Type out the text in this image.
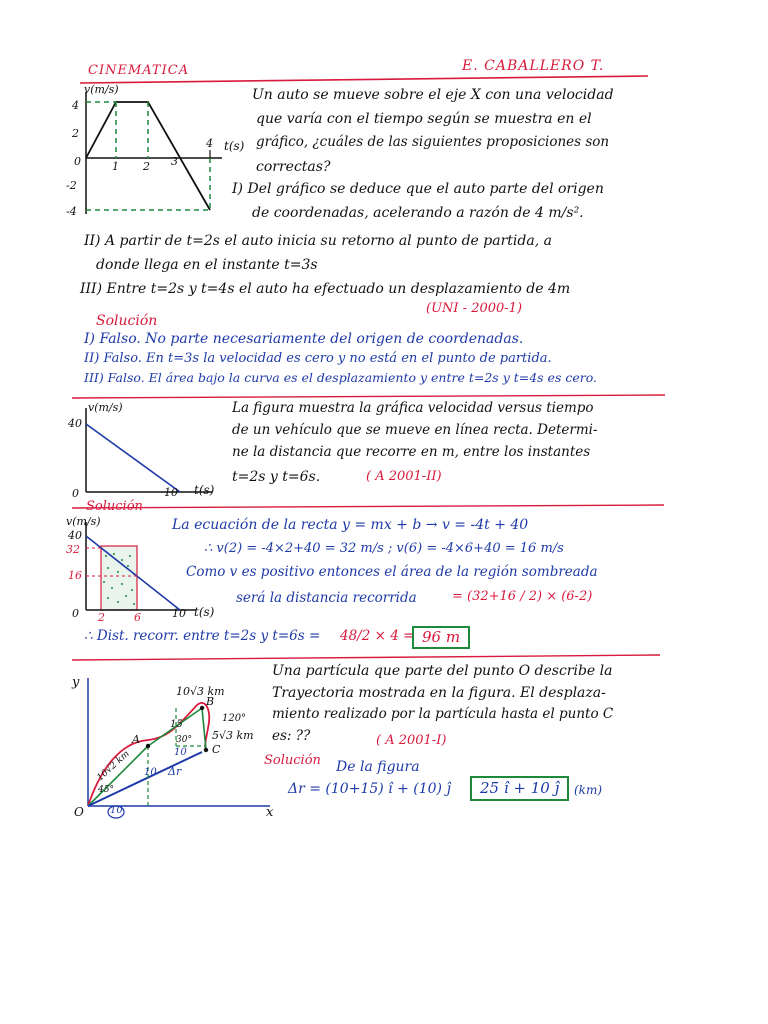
CINEMATICA	E. CABALLERO T.
v(m/s)
t(s)
4
2
0
-2
-4
1 2 3
4
Un auto se mueve sobre el eje X con una velocidad
que varía con el tiempo según se muestra en el
gráfico, ¿cuáles de las siguientes proposiciones son
correctas?
I) Del gráfico se deduce que el auto parte del origen
de coordenadas, acelerando a razón de 4 m/s².
II) A partir de t=2s el auto inicia su retorno al punto de partida, a
donde llega en el instante t=3s
III) Entre t=2s y t=4s el auto ha efectuado un desplazamiento de 4m
(UNI - 2000-1)
Solución
I) Falso. No parte necesariamente del origen de coordenadas.
II) Falso. En t=3s la velocidad es cero y no está en el punto de partida.
III) Falso. El área bajo la curva es el desplazamiento y entre t=2s y t=4s es cero.
v(m/s)
40
0	10 t(s)
La figura muestra la gráfica velocidad versus tiempo
de un vehículo que se mueve en línea recta. Determi-
ne la distancia que recorre en m, entre los instantes
t=2s y t=6s.	( A 2001-II)
Solución
v(m/s)
40
32
16
0 2	6	10 t(s)
La ecuación de la recta y = mx + b → v = -4t + 40
∴ v(2) = -4×2+40 = 32 m/s ; v(6) = -4×6+40 = 16 m/s
Como v es positivo entonces el área de la región sombreada
será la distancia recorrida	= (32+16 / 2) × (6-2)
∴ Dist. recorr. entre t=2s y t=6s = 48/2 × 4 = 96 m
y
x
O
A
B
C
10√2 km
10√3 km
5√3 km
45°
30°
120°
15
10
10
10
Δr
Una partícula que parte del punto O describe la
Trayectoria mostrada en la figura. El desplaza-
miento realizado por la partícula hasta el punto C
es: ??	( A 2001-I)
Solución De la figura
Δr = (10+15) î + (10) ĵ	25 î + 10 ĵ	(km)
